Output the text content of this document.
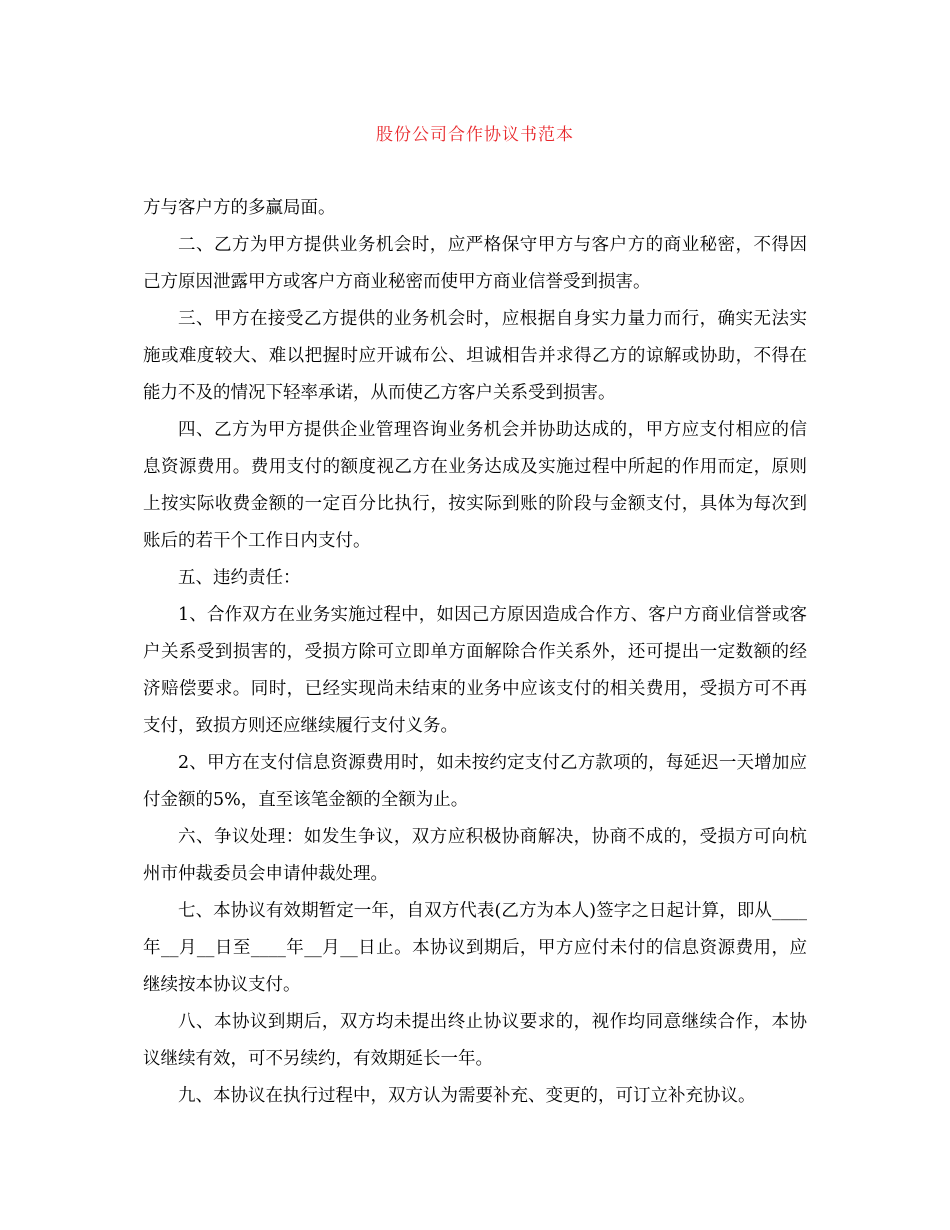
股份公司合作协议书范本

方与客户方的多赢局面。

二、乙方为甲方提供业务机会时，应严格保守甲方与客户方的商业秘密，不得因己方原因泄露甲方或客户方商业秘密而使甲方商业信誉受到损害。

三、甲方在接受乙方提供的业务机会时，应根据自身实力量力而行，确实无法实施或难度较大、难以把握时应开诚布公、坦诚相告并求得乙方的谅解或协助，不得在能力不及的情况下轻率承诺，从而使乙方客户关系受到损害。

四、乙方为甲方提供企业管理咨询业务机会并协助达成的，甲方应支付相应的信息资源费用。费用支付的额度视乙方在业务达成及实施过程中所起的作用而定，原则上按实际收费金额的一定百分比执行，按实际到账的阶段与金额支付，具体为每次到账后的若干个工作日内支付。

五、违约责任：

1、合作双方在业务实施过程中，如因己方原因造成合作方、客户方商业信誉或客户关系受到损害的，受损方除可立即单方面解除合作关系外，还可提出一定数额的经济赔偿要求。同时，已经实现尚未结束的业务中应该支付的相关费用，受损方可不再支付，致损方则还应继续履行支付义务。

2、甲方在支付信息资源费用时，如未按约定支付乙方款项的，每延迟一天增加应付金额的5%，直至该笔金额的全额为止。

六、争议处理：如发生争议，双方应积极协商解决，协商不成的，受损方可向杭州市仲裁委员会申请仲裁处理。

七、本协议有效期暂定一年，自双方代表(乙方为本人)签字之日起计算，即从____年__月__日至____年__月__日止。本协议到期后，甲方应付未付的信息资源费用，应继续按本协议支付。

八、本协议到期后，双方均未提出终止协议要求的，视作均同意继续合作，本协议继续有效，可不另续约，有效期延长一年。

九、本协议在执行过程中，双方认为需要补充、变更的，可订立补充协议。
